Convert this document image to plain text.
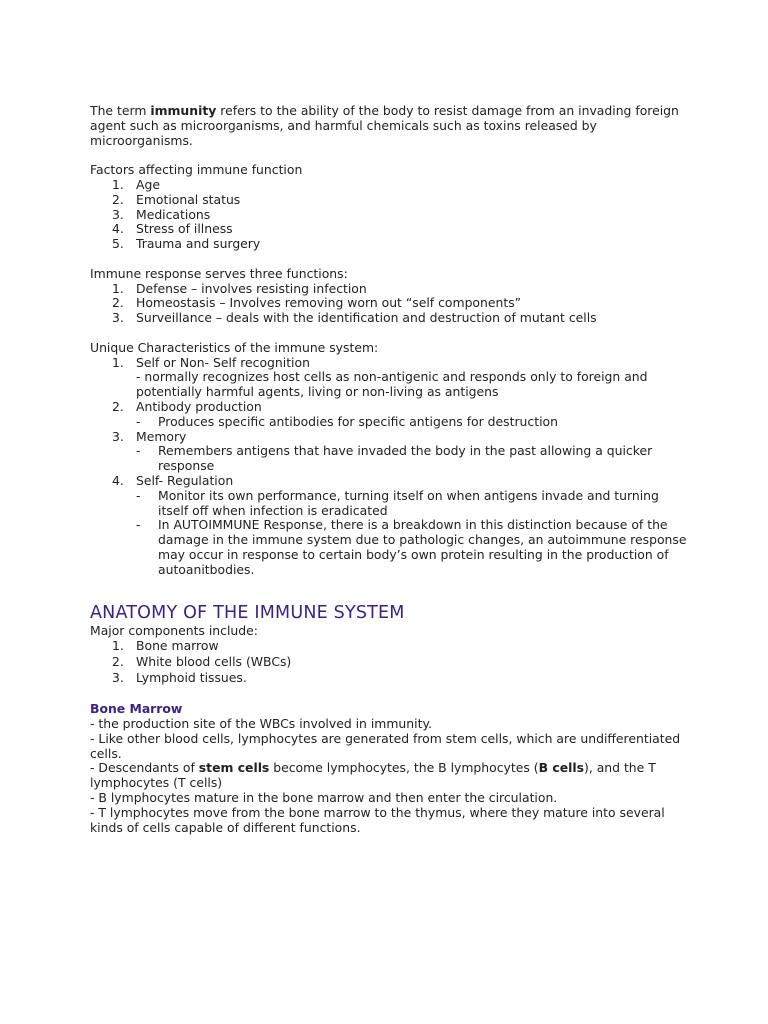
The term immunity refers to the ability of the body to resist damage from an invading foreign agent such as microorganisms, and harmful chemicals such as toxins released by microorganisms.

Factors affecting immune function

1. Age
2. Emotional status
3. Medications
4. Stress of illness
5. Trauma and surgery

Immune response serves three functions:

1. Defense – involves resisting infection
2. Homeostasis – Involves removing worn out “self components”
3. Surveillance – deals with the identification and destruction of mutant cells

Unique Characteristics of the immune system:

1. Self or Non- Self recognition
- normally recognizes host cells as non-antigenic and responds only to foreign and potentially harmful agents, living or non-living as antigens
2. Antibody production
- Produces specific antibodies for specific antigens for destruction
3. Memory
- Remembers antigens that have invaded the body in the past allowing a quicker response
4. Self- Regulation
- Monitor its own performance, turning itself on when antigens invade and turning itself off when infection is eradicated
- In AUTOIMMUNE Response, there is a breakdown in this distinction because of the damage in the immune system due to pathologic changes, an autoimmune response may occur in response to certain body’s own protein resulting in the production of autoanitbodies.
ANATOMY OF THE IMMUNE SYSTEM

Major components include:

1. Bone marrow
2. White blood cells (WBCs)
3. Lymphoid tissues.
Bone Marrow

- the production site of the WBCs involved in immunity.

- Like other blood cells, lymphocytes are generated from stem cells, which are undifferentiated cells.

- Descendants of stem cells become lymphocytes, the B lymphocytes (B cells), and the T lymphocytes (T cells)

- B lymphocytes mature in the bone marrow and then enter the circulation.

- T lymphocytes move from the bone marrow to the thymus, where they mature into several kinds of cells capable of different functions.
